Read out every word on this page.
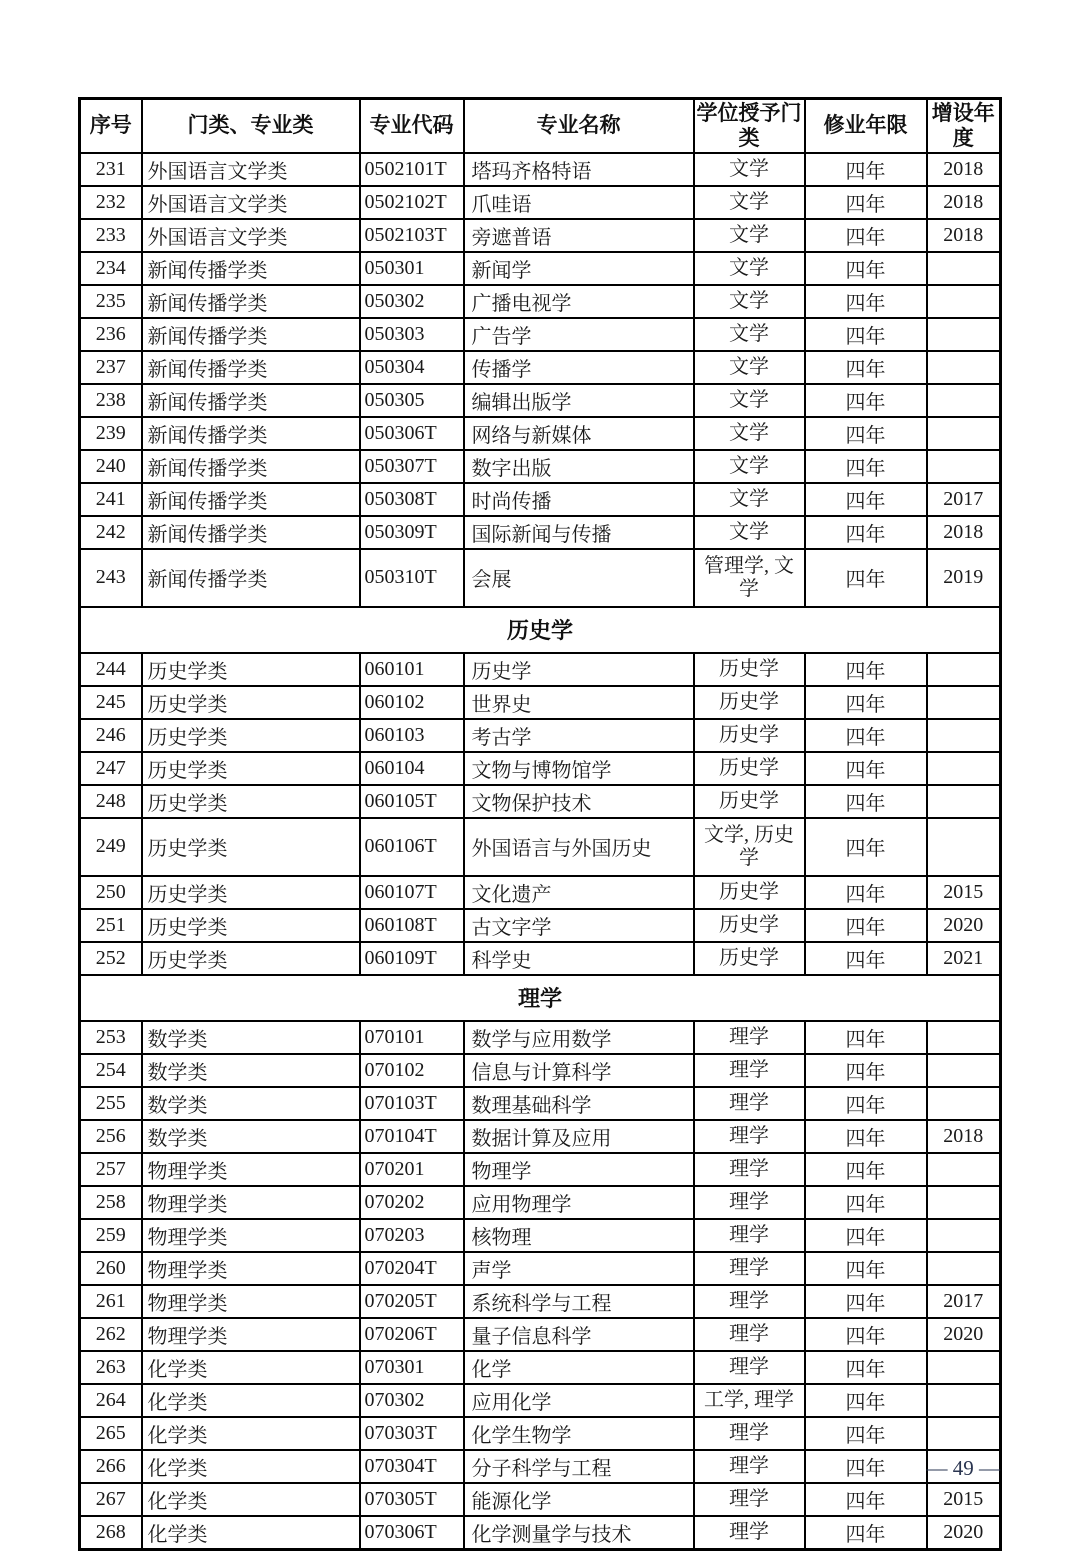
序号	门类、专业类	专业代码	专业名称	学位授予门类	修业年限	增设年度
231	外国语言文学类	0502101T	塔玛齐格特语	文学	四年	2018
232	外国语言文学类	0502102T	爪哇语	文学	四年	2018
233	外国语言文学类	0502103T	旁遮普语	文学	四年	2018
234	新闻传播学类	050301	新闻学	文学	四年	
235	新闻传播学类	050302	广播电视学	文学	四年	
236	新闻传播学类	050303	广告学	文学	四年	
237	新闻传播学类	050304	传播学	文学	四年	
238	新闻传播学类	050305	编辑出版学	文学	四年	
239	新闻传播学类	050306T	网络与新媒体	文学	四年	
240	新闻传播学类	050307T	数字出版	文学	四年	
241	新闻传播学类	050308T	时尚传播	文学	四年	2017
242	新闻传播学类	050309T	国际新闻与传播	文学	四年	2018
243	新闻传播学类	050310T	会展	管理学, 文学	四年	2019
历史学						
244	历史学类	060101	历史学	历史学	四年	
245	历史学类	060102	世界史	历史学	四年	
246	历史学类	060103	考古学	历史学	四年	
247	历史学类	060104	文物与博物馆学	历史学	四年	
248	历史学类	060105T	文物保护技术	历史学	四年	
249	历史学类	060106T	外国语言与外国历史	文学, 历史学	四年	
250	历史学类	060107T	文化遗产	历史学	四年	2015
251	历史学类	060108T	古文字学	历史学	四年	2020
252	历史学类	060109T	科学史	历史学	四年	2021
理学						
253	数学类	070101	数学与应用数学	理学	四年	
254	数学类	070102	信息与计算科学	理学	四年	
255	数学类	070103T	数理基础科学	理学	四年	
256	数学类	070104T	数据计算及应用	理学	四年	2018
257	物理学类	070201	物理学	理学	四年	
258	物理学类	070202	应用物理学	理学	四年	
259	物理学类	070203	核物理	理学	四年	
260	物理学类	070204T	声学	理学	四年	
261	物理学类	070205T	系统科学与工程	理学	四年	2017
262	物理学类	070206T	量子信息科学	理学	四年	2020
263	化学类	070301	化学	理学	四年	
264	化学类	070302	应用化学	工学, 理学	四年	
265	化学类	070303T	化学生物学	理学	四年	
266	化学类	070304T	分子科学与工程	理学	四年	
267	化学类	070305T	能源化学	理学	四年	2015
268	化学类	070306T	化学测量学与技术	理学	四年	2020
— 49 —
